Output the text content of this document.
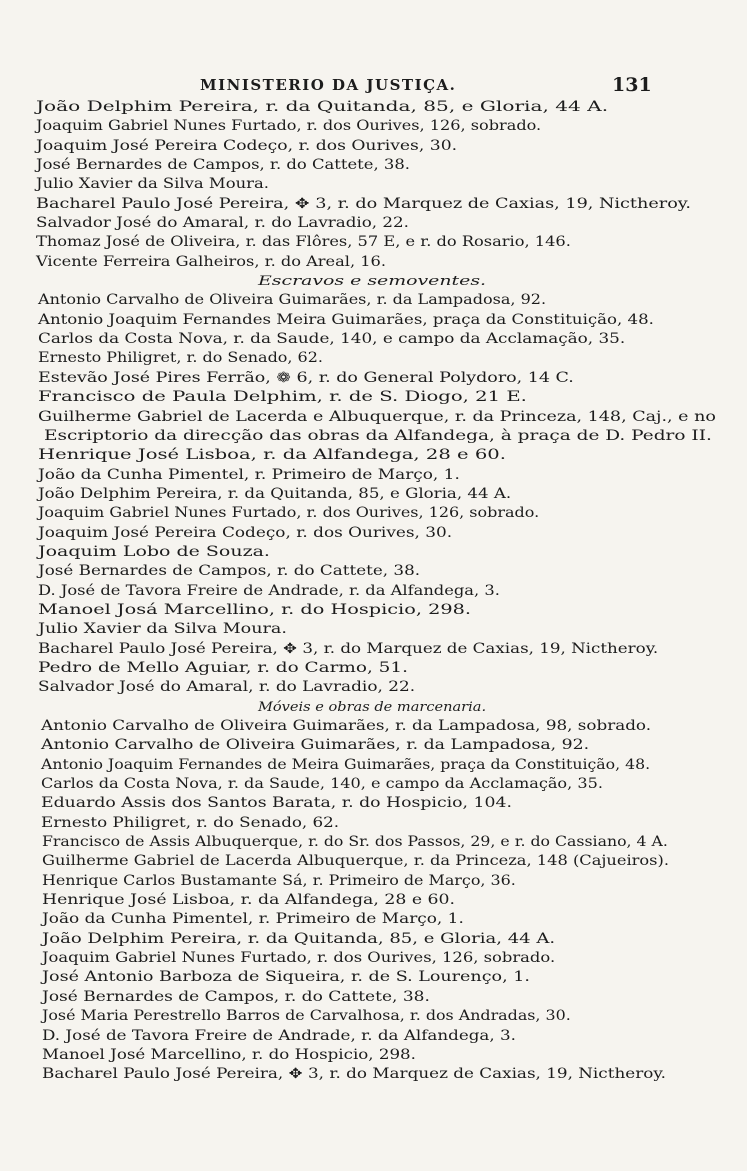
MINISTERIO DA JUSTIÇA.	131
João Delphim Pereira, r. da Quitanda, 85, e Gloria, 44 A.
Joaquim Gabriel Nunes Furtado, r. dos Ourives, 126, sobrado.
Joaquim José Pereira Codeço, r. dos Ourives, 30.
José Bernardes de Campos, r. do Cattete, 38.
Julio Xavier da Silva Moura.
Bacharel Paulo José Pereira, ✥ 3, r. do Marquez de Caxias, 19, Nictheroy.
Salvador José do Amaral, r. do Lavradio, 22.
Thomaz José de Oliveira, r. das Flôres, 57 E, e r. do Rosario, 146.
Vicente Ferreira Galheiros, r. do Areal, 16.
Escravos e semoventes.
Antonio Carvalho de Oliveira Guimarães, r. da Lampadosa, 92.
Antonio Joaquim Fernandes Meira Guimarães, praça da Constituição, 48.
Carlos da Costa Nova, r. da Saude, 140, e campo da Acclamação, 35.
Ernesto Philigret, r. do Senado, 62.
Estevão José Pires Ferrão, ❁ 6, r. do General Polydoro, 14 C.
Francisco de Paula Delphim, r. de S. Diogo, 21 E.
Guilherme Gabriel de Lacerda e Albuquerque, r. da Princeza, 148, Caj., e no
Escriptorio da direcção das obras da Alfandega, à praça de D. Pedro II.
Henrique José Lisboa, r. da Alfandega, 28 e 60.
João da Cunha Pimentel, r. Primeiro de Março, 1.
João Delphim Pereira, r. da Quitanda, 85, e Gloria, 44 A.
Joaquim Gabriel Nunes Furtado, r. dos Ourives, 126, sobrado.
Joaquim José Pereira Codeço, r. dos Ourives, 30.
Joaquim Lobo de Souza.
José Bernardes de Campos, r. do Cattete, 38.
D. José de Tavora Freire de Andrade, r. da Alfandega, 3.
Manoel Josá Marcellino, r. do Hospicio, 298.
Julio Xavier da Silva Moura.
Bacharel Paulo José Pereira, ✥ 3, r. do Marquez de Caxias, 19, Nictheroy.
Pedro de Mello Aguiar, r. do Carmo, 51.
Salvador José do Amaral, r. do Lavradio, 22.
Móveis e obras de marcenaria.
Antonio Carvalho de Oliveira Guimarães, r. da Lampadosa, 98, sobrado.
Antonio Carvalho de Oliveira Guimarães, r. da Lampadosa, 92.
Antonio Joaquim Fernandes de Meira Guimarães, praça da Constituição, 48.
Carlos da Costa Nova, r. da Saude, 140, e campo da Acclamação, 35.
Eduardo Assis dos Santos Barata, r. do Hospicio, 104.
Ernesto Philigret, r. do Senado, 62.
Francisco de Assis Albuquerque, r. do Sr. dos Passos, 29, e r. do Cassiano, 4 A.
Guilherme Gabriel de Lacerda Albuquerque, r. da Princeza, 148 (Cajueiros).
Henrique Carlos Bustamante Sá, r. Primeiro de Março, 36.
Henrique José Lisboa, r. da Alfandega, 28 e 60.
João da Cunha Pimentel, r. Primeiro de Março, 1.
João Delphim Pereira, r. da Quitanda, 85, e Gloria, 44 A.
Joaquim Gabriel Nunes Furtado, r. dos Ourives, 126, sobrado.
José Antonio Barboza de Siqueira, r. de S. Lourenço, 1.
José Bernardes de Campos, r. do Cattete, 38.
José Maria Perestrello Barros de Carvalhosa, r. dos Andradas, 30.
D. José de Tavora Freire de Andrade, r. da Alfandega, 3.
Manoel José Marcellino, r. do Hospicio, 298.
Bacharel Paulo José Pereira, ✥ 3, r. do Marquez de Caxias, 19, Nictheroy.
